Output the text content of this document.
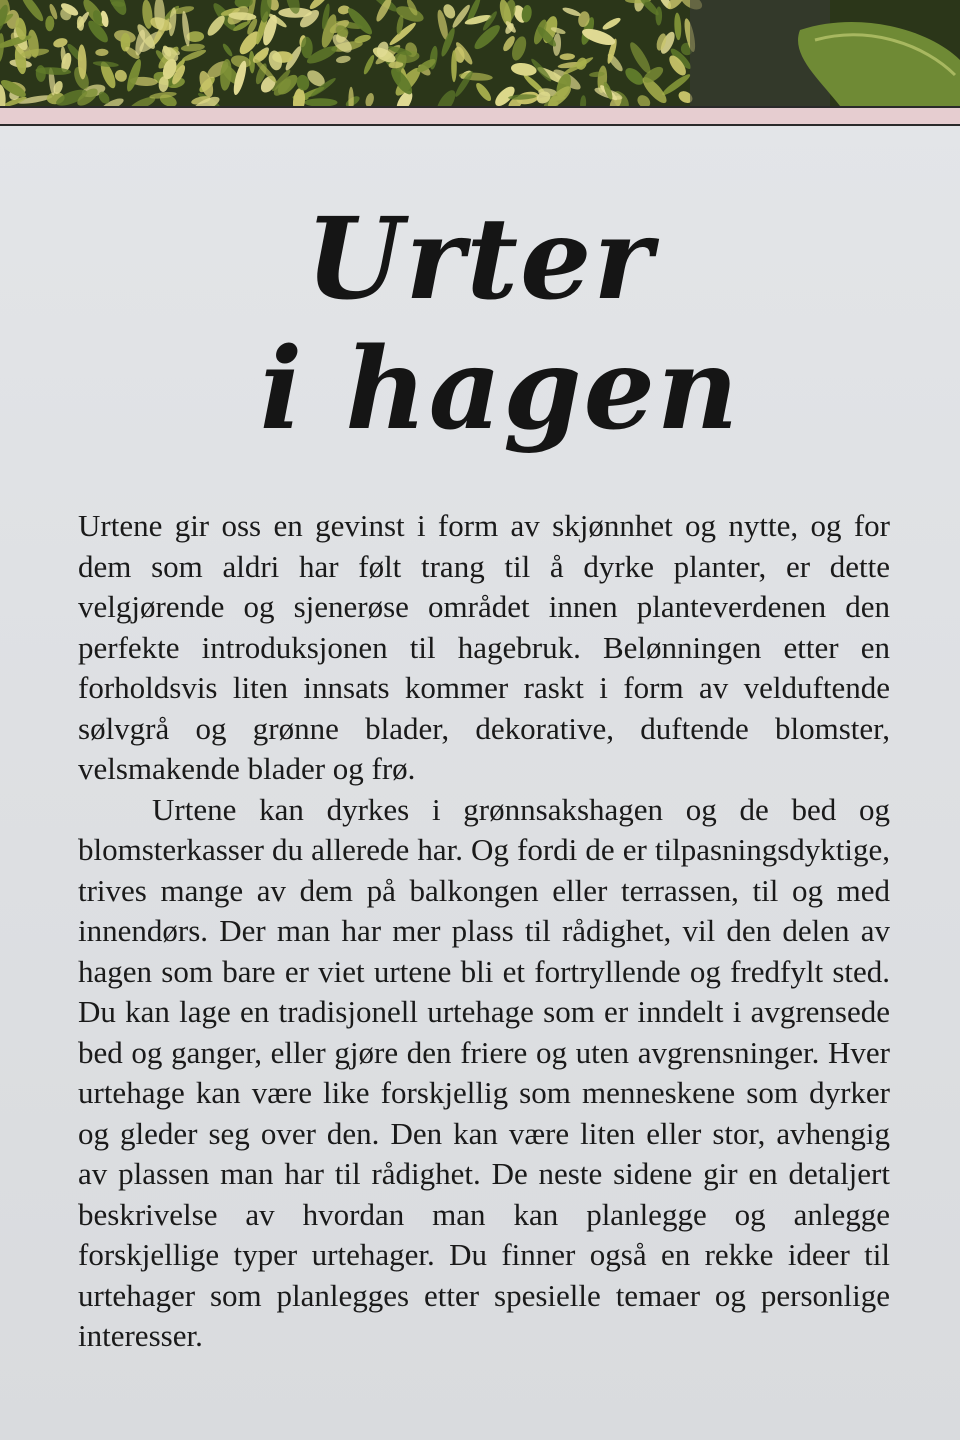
Urter
i hagen

Urtene gir oss en gevinst i form av skjønnhet og nytte, og for dem som aldri har følt trang til å dyrke planter, er dette velgjørende og sjenerøse området innen planteverdenen den perfekte introduksjonen til hagebruk. Belønningen etter en forholdsvis liten innsats kommer raskt i form av velduftende sølvgrå og grønne blader, dekorative, duftende blomster, velsmakende blader og frø.

Urtene kan dyrkes i grønnsakshagen og de bed og blomsterkasser du allerede har. Og fordi de er tilpasningsdyktige, trives mange av dem på balkongen eller terrassen, til og med innendørs. Der man har mer plass til rådighet, vil den delen av hagen som bare er viet urtene bli et fortryllende og fredfylt sted. Du kan lage en tradisjonell urtehage som er inndelt i avgrensede bed og ganger, eller gjøre den friere og uten avgrensninger. Hver urtehage kan være like forskjellig som menneskene som dyrker og gleder seg over den. Den kan være liten eller stor, avhengig av plassen man har til rådighet. De neste sidene gir en detaljert beskrivelse av hvordan man kan planlegge og anlegge forskjellige typer urtehager. Du finner også en rekke ideer til urtehager som planlegges etter spesielle temaer og personlige interesser.
